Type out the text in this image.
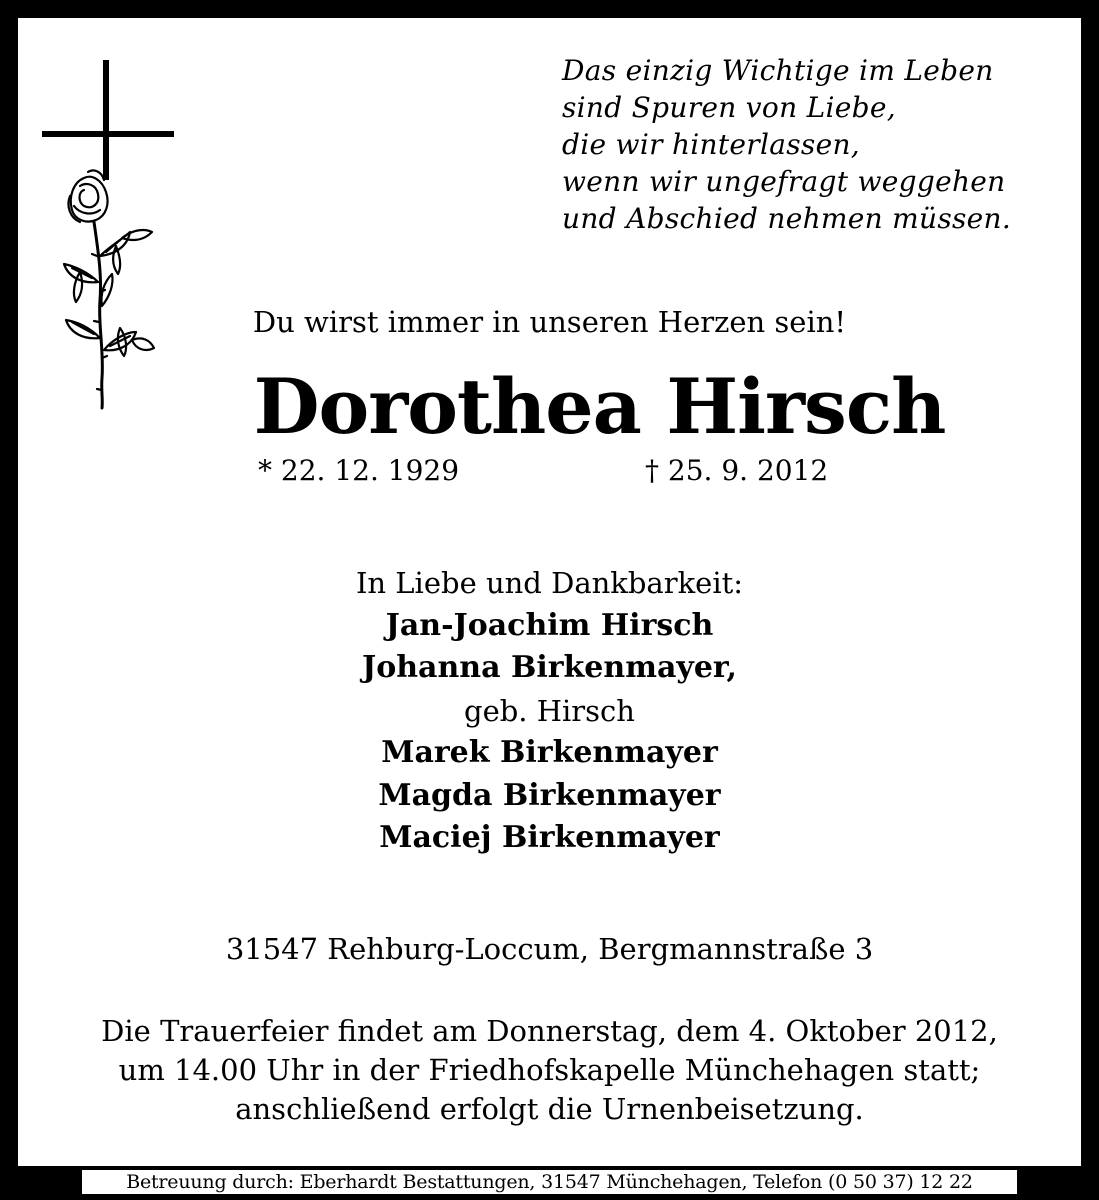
Das einzig Wichtige im Leben
sind Spuren von Liebe,
die wir hinterlassen,
wenn wir ungefragt weggehen
und Abschied nehmen müssen.
Du wirst immer in unseren Herzen sein!
Dorothea Hirsch
* 22. 12. 1929	† 25. 9. 2012
In Liebe und Dankbarkeit:
Jan-Joachim Hirsch
Johanna Birkenmayer,
geb. Hirsch
Marek Birkenmayer
Magda Birkenmayer
Maciej Birkenmayer
31547 Rehburg-Loccum, Bergmannstraße 3
Die Trauerfeier findet am Donnerstag, dem 4. Oktober 2012,
um 14.00 Uhr in der Friedhofskapelle Münchehagen statt;
anschließend erfolgt die Urnenbeisetzung.
Betreuung durch: Eberhardt Bestattungen, 31547 Münchehagen, Telefon (0 50 37) 12 22
